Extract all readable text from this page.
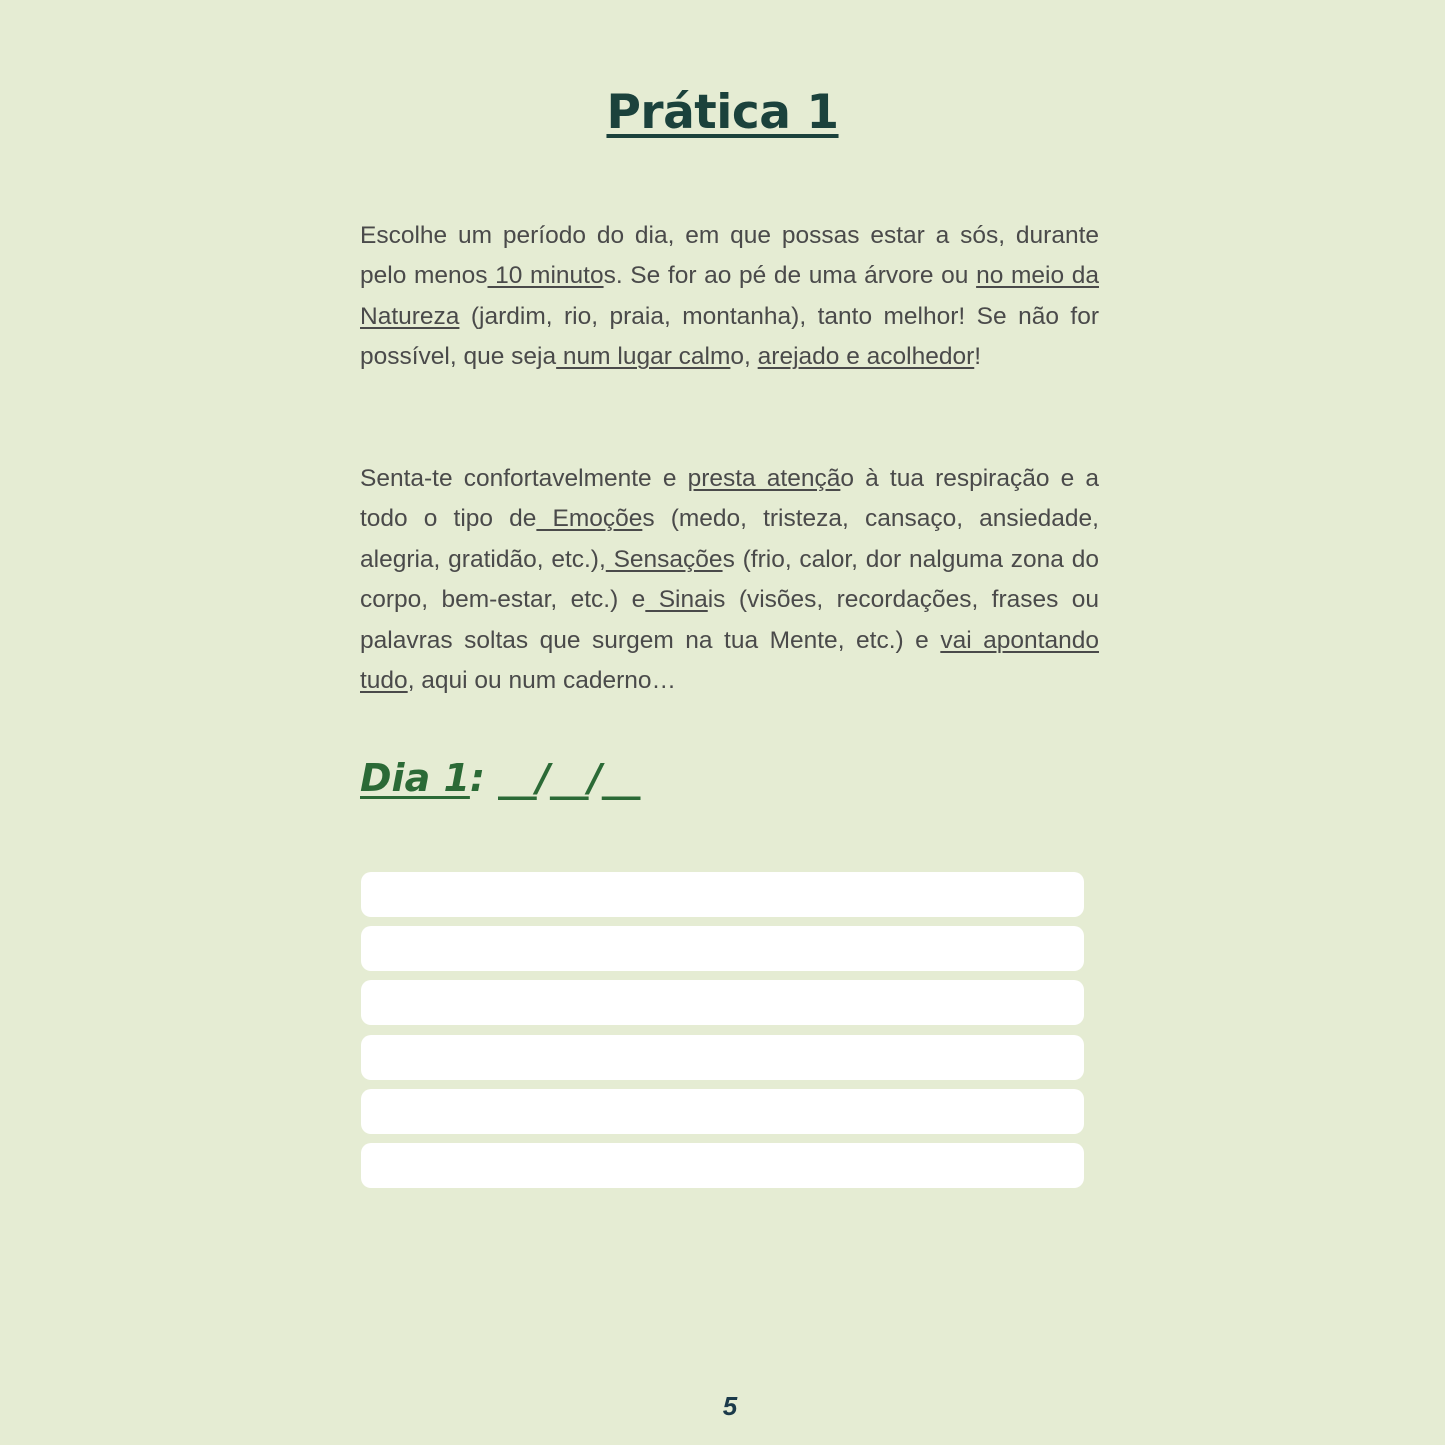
Prática 1

Escolhe um período do dia, em que possas estar a sós, durante pelo menos 10 minutos. Se for ao pé de uma árvore ou no meio da Natureza (jardim, rio, praia, montanha), tanto melhor! Se não for possível, que seja num lugar calmo, arejado e acolhedor!

Senta-te confortavelmente e presta atenção à tua respiração e a todo o tipo de Emoções (medo, tristeza, cansaço, ansiedade, alegria, gratidão, etc.), Sensações (frio, calor, dor nalguma zona do corpo, bem-estar, etc.) e Sinais (visões, recordações, frases ou palavras soltas que surgem na tua Mente, etc.) e vai apontando tudo, aqui ou num caderno…

Dia 1: __/__/__
5
